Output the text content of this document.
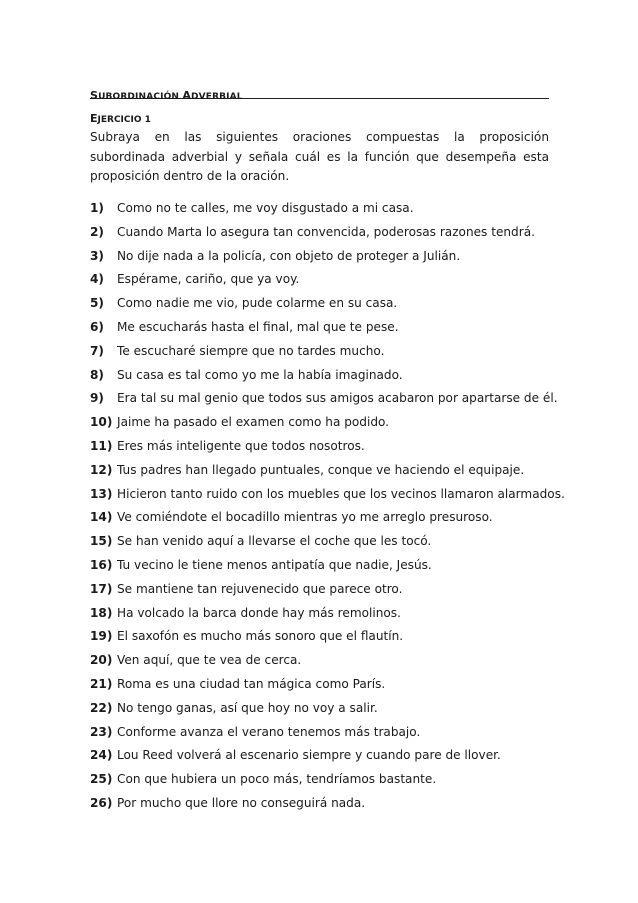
SUBORDINACIÓN ADVERBIAL
EJERCICIO 1

Subraya en las siguientes oraciones compuestas la proposición subordinada adverbial y señala cuál es la función que desempeña esta proposición dentro de la oración.

1)	Como no te calles, me voy disgustado a mi casa.
2)	Cuando Marta lo asegura tan convencida, poderosas razones tendrá.
3)	No dije nada a la policía, con objeto de proteger a Julián.
4)	Espérame, cariño, que ya voy.
5)	Como nadie me vio, pude colarme en su casa.
6)	Me escucharás hasta el final, mal que te pese.
7)	Te escucharé siempre que no tardes mucho.
8)	Su casa es tal como yo me la había imaginado.
9)	Era tal su mal genio que todos sus amigos acabaron por apartarse de él.
10) Jaime ha pasado el examen como ha podido.
11) Eres más inteligente que todos nosotros.
12) Tus padres han llegado puntuales, conque ve haciendo el equipaje.
13) Hicieron tanto ruido con los muebles que los vecinos llamaron alarmados.
14) Ve comiéndote el bocadillo mientras yo me arreglo presuroso.
15) Se han venido aquí a llevarse el coche que les tocó.
16) Tu vecino le tiene menos antipatía que nadie, Jesús.
17) Se mantiene tan rejuvenecido que parece otro.
18) Ha volcado la barca donde hay más remolinos.
19) El saxofón es mucho más sonoro que el flautín.
20) Ven aquí, que te vea de cerca.
21) Roma es una ciudad tan mágica como París.
22) No tengo ganas, así que hoy no voy a salir.
23) Conforme avanza el verano tenemos más trabajo.
24) Lou Reed volverá al escenario siempre y cuando pare de llover.
25) Con que hubiera un poco más, tendríamos bastante.
26) Por mucho que llore no conseguirá nada.
